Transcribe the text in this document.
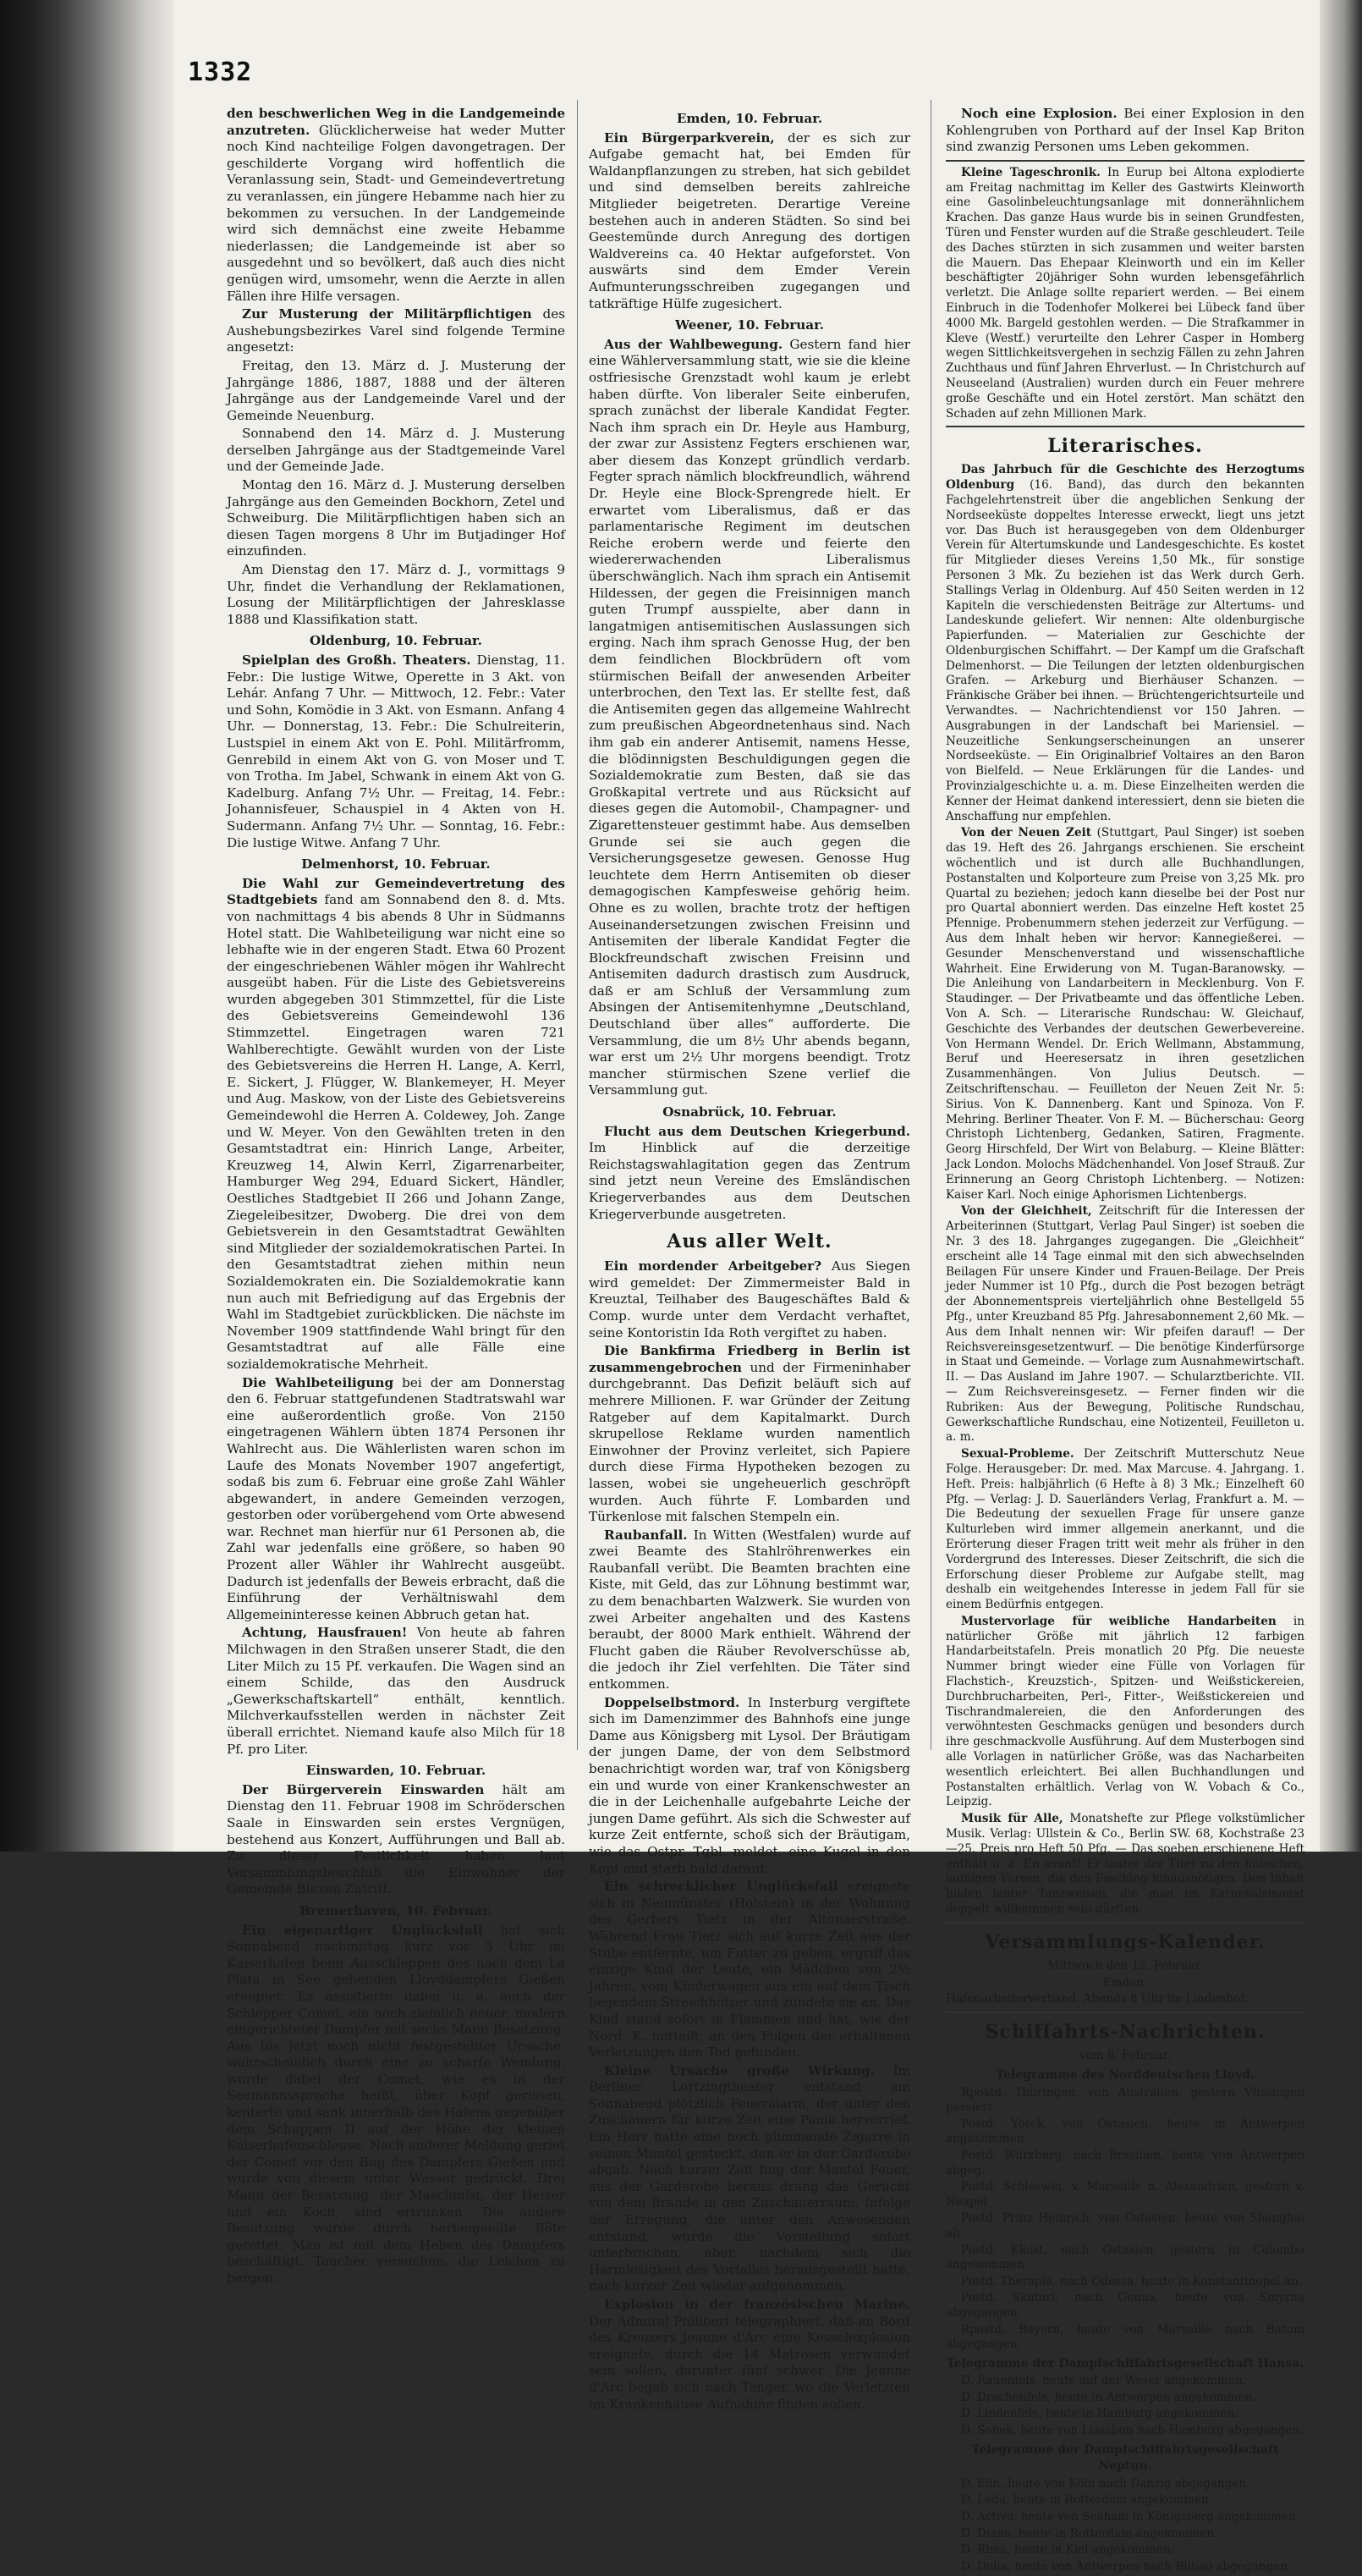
1332

den beschwerlichen Weg in die Landgemeinde anzutreten. Glücklicherweise hat weder Mutter noch Kind nachteilige Folgen davongetragen. Der geschilderte Vorgang wird hoffentlich die Veranlassung sein, Stadt- und Gemeindevertretung zu veranlassen, ein jüngere Hebamme nach hier zu bekommen zu versuchen. In der Landgemeinde wird sich demnächst eine zweite Hebamme niederlassen; die Landgemeinde ist aber so ausgedehnt und so bevölkert, daß auch dies nicht genügen wird, umsomehr, wenn die Aerzte in allen Fällen ihre Hilfe versagen.

Zur Musterung der Militärpflichtigen des Aushebungsbezirkes Varel sind folgende Termine angesetzt:

Freitag, den 13. März d. J. Musterung der Jahrgänge 1886, 1887, 1888 und der älteren Jahrgänge aus der Landgemeinde Varel und der Gemeinde Neuenburg.

Sonnabend den 14. März d. J. Musterung derselben Jahrgänge aus der Stadtgemeinde Varel und der Gemeinde Jade.

Montag den 16. März d. J. Musterung derselben Jahrgänge aus den Gemeinden Bockhorn, Zetel und Schweiburg. Die Militärpflichtigen haben sich an diesen Tagen morgens 8 Uhr im Butjadinger Hof einzufinden.

Am Dienstag den 17. März d. J., vormittags 9 Uhr, findet die Verhandlung der Reklamationen, Losung der Militärpflichtigen der Jahresklasse 1888 und Klassifikation statt.

Oldenburg, 10. Februar.

Spielplan des Großh. Theaters. Dienstag, 11. Febr.: Die lustige Witwe, Operette in 3 Akt. von Lehár. Anfang 7 Uhr. — Mittwoch, 12. Febr.: Vater und Sohn, Komödie in 3 Akt. von Esmann. Anfang 4 Uhr. — Donnerstag, 13. Febr.: Die Schulreiterin, Lustspiel in einem Akt von E. Pohl. Militärfromm, Genrebild in einem Akt von G. von Moser und T. von Trotha. Im Jabel, Schwank in einem Akt von G. Kadelburg. Anfang 7½ Uhr. — Freitag, 14. Febr.: Johannisfeuer, Schauspiel in 4 Akten von H. Sudermann. Anfang 7½ Uhr. — Sonntag, 16. Febr.: Die lustige Witwe. Anfang 7 Uhr.

Delmenhorst, 10. Februar.

Die Wahl zur Gemeindevertretung des Stadtgebiets fand am Sonnabend den 8. d. Mts. von nachmittags 4 bis abends 8 Uhr in Südmanns Hotel statt. Die Wahlbeteiligung war nicht eine so lebhafte wie in der engeren Stadt. Etwa 60 Prozent der eingeschriebenen Wähler mögen ihr Wahlrecht ausgeübt haben. Für die Liste des Gebietsvereins wurden abgegeben 301 Stimmzettel, für die Liste des Gebietsvereins Gemeindewohl 136 Stimmzettel. Eingetragen waren 721 Wahlberechtigte. Gewählt wurden von der Liste des Gebietsvereins die Herren H. Lange, A. Kerrl, E. Sickert, J. Flügger, W. Blankemeyer, H. Meyer und Aug. Maskow, von der Liste des Gebietsvereins Gemeindewohl die Herren A. Coldewey, Joh. Zange und W. Meyer. Von den Gewählten treten in den Gesamtstadtrat ein: Hinrich Lange, Arbeiter, Kreuzweg 14, Alwin Kerrl, Zigarrenarbeiter, Hamburger Weg 294, Eduard Sickert, Händler, Oestliches Stadtgebiet II 266 und Johann Zange, Ziegeleibesitzer, Dwoberg. Die drei von dem Gebietsverein in den Gesamtstadtrat Gewählten sind Mitglieder der sozialdemokratischen Partei. In den Gesamtstadtrat ziehen mithin neun Sozialdemokraten ein. Die Sozialdemokratie kann nun auch mit Befriedigung auf das Ergebnis der Wahl im Stadtgebiet zurückblicken. Die nächste im November 1909 stattfindende Wahl bringt für den Gesamtstadtrat auf alle Fälle eine sozialdemokratische Mehrheit.

Die Wahlbeteiligung bei der am Donnerstag den 6. Februar stattgefundenen Stadtratswahl war eine außerordentlich große. Von 2150 eingetragenen Wählern übten 1874 Personen ihr Wahlrecht aus. Die Wählerlisten waren schon im Laufe des Monats November 1907 angefertigt, sodaß bis zum 6. Februar eine große Zahl Wähler abgewandert, in andere Gemeinden verzogen, gestorben oder vorübergehend vom Orte abwesend war. Rechnet man hierfür nur 61 Personen ab, die Zahl war jedenfalls eine größere, so haben 90 Prozent aller Wähler ihr Wahlrecht ausgeübt. Dadurch ist jedenfalls der Beweis erbracht, daß die Einführung der Verhältniswahl dem Allgemeininteresse keinen Abbruch getan hat.

Achtung, Hausfrauen! Von heute ab fahren Milchwagen in den Straßen unserer Stadt, die den Liter Milch zu 15 Pf. verkaufen. Die Wagen sind an einem Schilde, das den Ausdruck „Gewerkschaftskartell“ enthält, kenntlich. Milchverkaufsstellen werden in nächster Zeit überall errichtet. Niemand kaufe also Milch für 18 Pf. pro Liter.

Einswarden, 10. Februar.

Der Bürgerverein Einswarden hält am Dienstag den 11. Februar 1908 im Schröderschen Saale in Einswarden sein erstes Vergnügen, bestehend aus Konzert, Aufführungen und Ball ab. Zu dieser Festlichkeit haben laut Versammlungsbeschluß die Einwohner der Gemeinde Blexen Zutritt.

Bremerhaven, 10. Februar.

Ein eigenartiger Unglücksfall hat sich Sonnabend nachmittag kurz vor 3 Uhr im Kaiserhafen beim Ausschleppen des nach dem La Plata in See gehenden Lloyddampfers Gießen ereignet. Es assistierte dabei u. a. auch der Schlepper Comet, ein noch ziemlich neuer, modern eingerichteter Dampfer mit sechs Mann Besatzung. Aus bis jetzt noch nicht festgestellter Ursache, wahrscheinlich durch eine zu scharfe Wendung, wurde dabei der Comet, wie es in der Seemannssprache heißt, über Kopf gerissen, kenterte und sank innerhalb des Hafens gegenüber dem Schuppen II auf der Höhe der kleinen Kaiserhafenschleuse. Nach anderer Meldung geriet der Comet vor den Bug des Dampfers Gießen und wurde von diesem unter Wasser gedrückt. Drei Mann der Besatzung, der Maschinist, der Heizer und ein Koch, sind ertrunken. Die andere Besatzung wurde durch herbeigeeilte Böte gerettet. Man ist mit dem Heben des Dampfers beschäftigt. Taucher versuchen, die Leichen zu bergen.

Emden, 10. Februar.

Ein Bürgerparkverein, der es sich zur Aufgabe gemacht hat, bei Emden für Waldanpflanzungen zu streben, hat sich gebildet und sind demselben bereits zahlreiche Mitglieder beigetreten. Derartige Vereine bestehen auch in anderen Städten. So sind bei Geestemünde durch Anregung des dortigen Waldvereins ca. 40 Hektar aufgeforstet. Von auswärts sind dem Emder Verein Aufmunterungsschreiben zugegangen und tatkräftige Hülfe zugesichert.

Weener, 10. Februar.

Aus der Wahlbewegung. Gestern fand hier eine Wählerversammlung statt, wie sie die kleine ostfriesische Grenzstadt wohl kaum je erlebt haben dürfte. Von liberaler Seite einberufen, sprach zunächst der liberale Kandidat Fegter. Nach ihm sprach ein Dr. Heyle aus Hamburg, der zwar zur Assistenz Fegters erschienen war, aber diesem das Konzept gründlich verdarb. Fegter sprach nämlich blockfreundlich, während Dr. Heyle eine Block-Sprengrede hielt. Er erwartet vom Liberalismus, daß er das parlamentarische Regiment im deutschen Reiche erobern werde und feierte den wiedererwachenden Liberalismus überschwänglich. Nach ihm sprach ein Antisemit Hildessen, der gegen die Freisinnigen manch guten Trumpf ausspielte, aber dann in langatmigen antisemitischen Auslassungen sich erging. Nach ihm sprach Genosse Hug, der ben dem feindlichen Blockbrüdern oft vom stürmischen Beifall der anwesenden Arbeiter unterbrochen, den Text las. Er stellte fest, daß die Antisemiten gegen das allgemeine Wahlrecht zum preußischen Abgeordnetenhaus sind. Nach ihm gab ein anderer Antisemit, namens Hesse, die blödinnigsten Beschuldigungen gegen die Sozialdemokratie zum Besten, daß sie das Großkapital vertrete und aus Rücksicht auf dieses gegen die Automobil-, Champagner- und Zigarettensteuer gestimmt habe. Aus demselben Grunde sei sie auch gegen die Versicherungsgesetze gewesen. Genosse Hug leuchtete dem Herrn Antisemiten ob dieser demagogischen Kampfesweise gehörig heim. Ohne es zu wollen, brachte trotz der heftigen Auseinandersetzungen zwischen Freisinn und Antisemiten der liberale Kandidat Fegter die Blockfreundschaft zwischen Freisinn und Antisemiten dadurch drastisch zum Ausdruck, daß er am Schluß der Versammlung zum Absingen der Antisemitenhymne „Deutschland, Deutschland über alles“ aufforderte. Die Versammlung, die um 8½ Uhr abends begann, war erst um 2½ Uhr morgens beendigt. Trotz mancher stürmischen Szene verlief die Versammlung gut.

Osnabrück, 10. Februar.

Flucht aus dem Deutschen Kriegerbund. Im Hinblick auf die derzeitige Reichstagswahlagitation gegen das Zentrum sind jetzt neun Vereine des Emsländischen Kriegerverbandes aus dem Deutschen Kriegerverbunde ausgetreten.

Aus aller Welt.

Ein mordender Arbeitgeber? Aus Siegen wird gemeldet: Der Zimmermeister Bald in Kreuztal, Teilhaber des Baugeschäftes Bald & Comp. wurde unter dem Verdacht verhaftet, seine Kontoristin Ida Roth vergiftet zu haben.

Die Bankfirma Friedberg in Berlin ist zusammengebrochen und der Firmeninhaber durchgebrannt. Das Defizit beläuft sich auf mehrere Millionen. F. war Gründer der Zeitung Ratgeber auf dem Kapitalmarkt. Durch skrupellose Reklame wurden namentlich Einwohner der Provinz verleitet, sich Papiere durch diese Firma Hypotheken bezogen zu lassen, wobei sie ungeheuerlich geschröpft wurden. Auch führte F. Lombarden und Türkenlose mit falschen Stempeln ein.

Raubanfall. In Witten (Westfalen) wurde auf zwei Beamte des Stahlröhrenwerkes ein Raubanfall verübt. Die Beamten brachten eine Kiste, mit Geld, das zur Löhnung bestimmt war, zu dem benachbarten Walzwerk. Sie wurden von zwei Arbeiter angehalten und des Kastens beraubt, der 8000 Mark enthielt. Während der Flucht gaben die Räuber Revolverschüsse ab, die jedoch ihr Ziel verfehlten. Die Täter sind entkommen.

Doppelselbstmord. In Insterburg vergiftete sich im Damenzimmer des Bahnhofs eine junge Dame aus Königsberg mit Lysol. Der Bräutigam der jungen Dame, der von dem Selbstmord benachrichtigt worden war, traf von Königsberg ein und wurde von einer Krankenschwester an die in der Leichenhalle aufgebahrte Leiche der jungen Dame geführt. Als sich die Schwester auf kurze Zeit entfernte, schoß sich der Bräutigam, wie das Ostpr. Tgbl. meldet, eine Kugel in den Kopf und starb bald darauf.

Ein schrecklicher Unglücksfall ereignete sich in Neumünster (Holstein) in der Wohnung des Gerbers Tietz in der Altonaerstraße. Während Frau Tietz sich auf kurze Zeit aus der Stube entfernte, um Futter zu geben, ergriff das einzige Kind der Leute, ein Mädchen von 2½ Jahren, vom Kinderwagen aus ein auf dem Tisch liegendem Streichhölzer und zündete sie an. Das Kind stand sofort in Flammen und hat, wie der Nord. K. mitteilt, an den Folgen der erhaltenen Verletzungen den Tod gefunden.

Kleine Ursache große Wirkung. Im Berliner Lortzingtheater entstand am Sonnabend plötzlich Feueralarm, der unter den Zuschauern für kurze Zeit eine Panik hervorrief. Ein Herr hatte eine noch glimmende Zigarre in seinen Mantel gesteckt, den er in der Garderobe abgab. Nach kurzer Zeit fing der Mantel Feuer, aus der Garderobe heraus drang das Gerücht von dem Brande in den Zuschauerraum. Infolge der Erregung, die unter den Anwesenden entstand, wurde die Vorstellung sofort unterbrochen, aber, nachdem sich die Harmlosigkeit des Vorfalles herausgestellt hatte, nach kurzer Zeit wieder aufgenommen.

Explosion in der französischen Marine. Der Admiral Philibert telegraphiert, daß an Bord des Kreuzers Jeanne d'Arc eine Kesselexplosion ereignete, durch die 14 Matrosen verwundet sein sollen, darunter fünf schwer. Die Jeanne d'Arc begab sich nach Tanger, wo die Verletzten im Krankenhause Aufnahme finden sollen.

Noch eine Explosion. Bei einer Explosion in den Kohlengruben von Porthard auf der Insel Kap Briton sind zwanzig Personen ums Leben gekommen.

Kleine Tageschronik. In Eurup bei Altona explodierte am Freitag nachmittag im Keller des Gastwirts Kleinworth eine Gasolinbeleuchtungsanlage mit donnerähnlichem Krachen. Das ganze Haus wurde bis in seinen Grundfesten, Türen und Fenster wurden auf die Straße geschleudert. Teile des Daches stürzten in sich zusammen und weiter barsten die Mauern. Das Ehepaar Kleinworth und ein im Keller beschäftigter 20jähriger Sohn wurden lebensgefährlich verletzt. Die Anlage sollte repariert werden. — Bei einem Einbruch in die Todenhofer Molkerei bei Lübeck fand über 4000 Mk. Bargeld gestohlen werden. — Die Strafkammer in Kleve (Westf.) verurteilte den Lehrer Casper in Homberg wegen Sittlichkeitsvergehen in sechzig Fällen zu zehn Jahren Zuchthaus und fünf Jahren Ehrverlust. — In Christchurch auf Neuseeland (Australien) wurden durch ein Feuer mehrere große Geschäfte und ein Hotel zerstört. Man schätzt den Schaden auf zehn Millionen Mark.

Literarisches.

Das Jahrbuch für die Geschichte des Herzogtums Oldenburg (16. Band), das durch den bekannten Fachgelehrtenstreit über die angeblichen Senkung der Nordseeküste doppeltes Interesse erweckt, liegt uns jetzt vor. Das Buch ist herausgegeben von dem Oldenburger Verein für Altertumskunde und Landesgeschichte. Es kostet für Mitglieder dieses Vereins 1,50 Mk., für sonstige Personen 3 Mk. Zu beziehen ist das Werk durch Gerh. Stallings Verlag in Oldenburg. Auf 450 Seiten werden in 12 Kapiteln die verschiedensten Beiträge zur Altertums- und Landeskunde geliefert. Wir nennen: Alte oldenburgische Papierfunden. — Materialien zur Geschichte der Oldenburgischen Schiffahrt. — Der Kampf um die Grafschaft Delmenhorst. — Die Teilungen der letzten oldenburgischen Grafen. — Arkeburg und Bierhäuser Schanzen. — Fränkische Gräber bei ihnen. — Brüchtengerichtsurteile und Verwandtes. — Nachrichtendienst vor 150 Jahren. — Ausgrabungen in der Landschaft bei Mariensiel. — Neuzeitliche Senkungserscheinungen an unserer Nordseeküste. — Ein Originalbrief Voltaires an den Baron von Bielfeld. — Neue Erklärungen für die Landes- und Provinzialgeschichte u. a. m. Diese Einzelheiten werden die Kenner der Heimat dankend interessiert, denn sie bieten die Anschaffung nur empfehlen.

Von der Neuen Zeit (Stuttgart, Paul Singer) ist soeben das 19. Heft des 26. Jahrgangs erschienen. Sie erscheint wöchentlich und ist durch alle Buchhandlungen, Postanstalten und Kolporteure zum Preise von 3,25 Mk. pro Quartal zu beziehen; jedoch kann dieselbe bei der Post nur pro Quartal abonniert werden. Das einzelne Heft kostet 25 Pfennige. Probenummern stehen jederzeit zur Verfügung. — Aus dem Inhalt heben wir hervor: Kannegießerei. — Gesunder Menschenverstand und wissenschaftliche Wahrheit. Eine Erwiderung von M. Tugan-Baranowsky. — Die Anleihung von Landarbeitern in Mecklenburg. Von F. Staudinger. — Der Privatbeamte und das öffentliche Leben. Von A. Sch. — Literarische Rundschau: W. Gleichauf, Geschichte des Verbandes der deutschen Gewerbevereine. Von Hermann Wendel. Dr. Erich Wellmann, Abstammung, Beruf und Heeresersatz in ihren gesetzlichen Zusammenhängen. Von Julius Deutsch. — Zeitschriftenschau. — Feuilleton der Neuen Zeit Nr. 5: Sirius. Von K. Dannenberg. Kant und Spinoza. Von F. Mehring. Berliner Theater. Von F. M. — Bücherschau: Georg Christoph Lichtenberg, Gedanken, Satiren, Fragmente. Georg Hirschfeld, Der Wirt von Belaburg. — Kleine Blätter: Jack London. Molochs Mädchenhandel. Von Josef Strauß. Zur Erinnerung an Georg Christoph Lichtenberg. — Notizen: Kaiser Karl. Noch einige Aphorismen Lichtenbergs.

Von der Gleichheit, Zeitschrift für die Interessen der Arbeiterinnen (Stuttgart, Verlag Paul Singer) ist soeben die Nr. 3 des 18. Jahrganges zugegangen. Die „Gleichheit“ erscheint alle 14 Tage einmal mit den sich abwechselnden Beilagen Für unsere Kinder und Frauen-Beilage. Der Preis jeder Nummer ist 10 Pfg., durch die Post bezogen beträgt der Abonnementspreis vierteljährlich ohne Bestellgeld 55 Pfg., unter Kreuzband 85 Pfg. Jahresabonnement 2,60 Mk. — Aus dem Inhalt nennen wir: Wir pfeifen darauf! — Der Reichsvereinsgesetzentwurf. — Die benötige Kinderfürsorge in Staat und Gemeinde. — Vorlage zum Ausnahmewirtschaft. II. — Das Ausland im Jahre 1907. — Schularztberichte. VII. — Zum Reichsvereinsgesetz. — Ferner finden wir die Rubriken: Aus der Bewegung, Politische Rundschau, Gewerkschaftliche Rundschau, eine Notizenteil, Feuilleton u. a. m.

Sexual-Probleme. Der Zeitschrift Mutterschutz Neue Folge. Herausgeber: Dr. med. Max Marcuse. 4. Jahrgang. 1. Heft. Preis: halbjährlich (6 Hefte à 8) 3 Mk.; Einzelheft 60 Pfg. — Verlag: J. D. Sauerländers Verlag, Frankfurt a. M. — Die Bedeutung der sexuellen Frage für unsere ganze Kulturleben wird immer allgemein anerkannt, und die Erörterung dieser Fragen tritt weit mehr als früher in den Vordergrund des Interesses. Dieser Zeitschrift, die sich die Erforschung dieser Probleme zur Aufgabe stellt, mag deshalb ein weitgehendes Interesse in jedem Fall für sie einem Bedürfnis entgegen.

Mustervorlage für weibliche Handarbeiten in natürlicher Größe mit jährlich 12 farbigen Handarbeitstafeln. Preis monatlich 20 Pfg. Die neueste Nummer bringt wieder eine Fülle von Vorlagen für Flachstich-, Kreuzstich-, Spitzen- und Weißstickereien, Durchbrucharbeiten, Perl-, Fitter-, Weißstickereien und Tischrandmalereien, die den Anforderungen des verwöhntesten Geschmacks genügen und besonders durch ihre geschmackvolle Ausführung. Auf dem Musterbogen sind alle Vorlagen in natürlicher Größe, was das Nacharbeiten wesentlich erleichtert. Bei allen Buchhandlungen und Postanstalten erhältlich. Verlag von W. Vobach & Co., Leipzig.

Musik für Alle, Monatshefte zur Pflege volkstümlicher Musik. Verlag: Ullstein & Co., Berlin SW. 68, Kochstraße 23—25. Preis pro Heft 50 Pfg. — Das soeben erschienene Heft enthält u. a. En avant! Er lautet der Titel zu den hübschen, launigen Versen, die den Fasching hinausnötigen. Den Inhalt bilden lauter Tanzweisen, die man im Karnevalsmonat doppelt willkommen sein dürften.

Versammlungs-Kalender.

Mittwoch den 12. Februar.

Emden.

Hafenarbeiterverband. Abends 8 Uhr im Lindenhof.

Schiffahrts-Nachrichten.

vom 8. Februar.

Telegramme des Norddeutschen Lloyd.

Rpostd. Thüringen, von Australien, gestern Vlissingen passiert.

Postd. Yorck, von Ostasien, heute in Antwerpen angekommen.

Postd. Würzburg, nach Brasilien, heute von Antwerpen abgeg.

Postd. Schleswig, v. Marseille n. Alexandrien, gestern v. Neapel

Postd. Prinz Heinrich, von Ostasien, heute von Shanghai ab.

Postd. Kleist, nach Ostasien, gestern in Colombo angekommen.

Postd. Therapia, nach Odessa, heute in Konstantinopel an.

Postd. Skutari, nach Genua, heute von Smyrna abgegangen.

Rpostd. Bayern, heute von Marseille nach Batum abgegangen.

Telegramme der Dampfschiffahrtsgesellschaft Hansa.

D. Rauenfels, heute auf der Weser angekommen.

D. Drachenfels, heute in Antwerpen angekommen.

D. Lindenfels, heute in Hamburg angekommen.

D. Sonek, heute von Lissabon nach Hamburg abgegangen.

Telegramme der Dampfschiffahrtsgesellschaft Neptun.

D. Elin, heute von Köln nach Danzig abgegangen.

D. Leda, heute in Rotterdam angekommen.

D. Activa, heute von Seaham in Königsberg angekommen.

D. Diana, heute in Rotterdam angekommen.

D. Rhea, heute in Kiel angekommen.

D. Delia, heute von Antwerpen nach Bilbao abgegangen.
